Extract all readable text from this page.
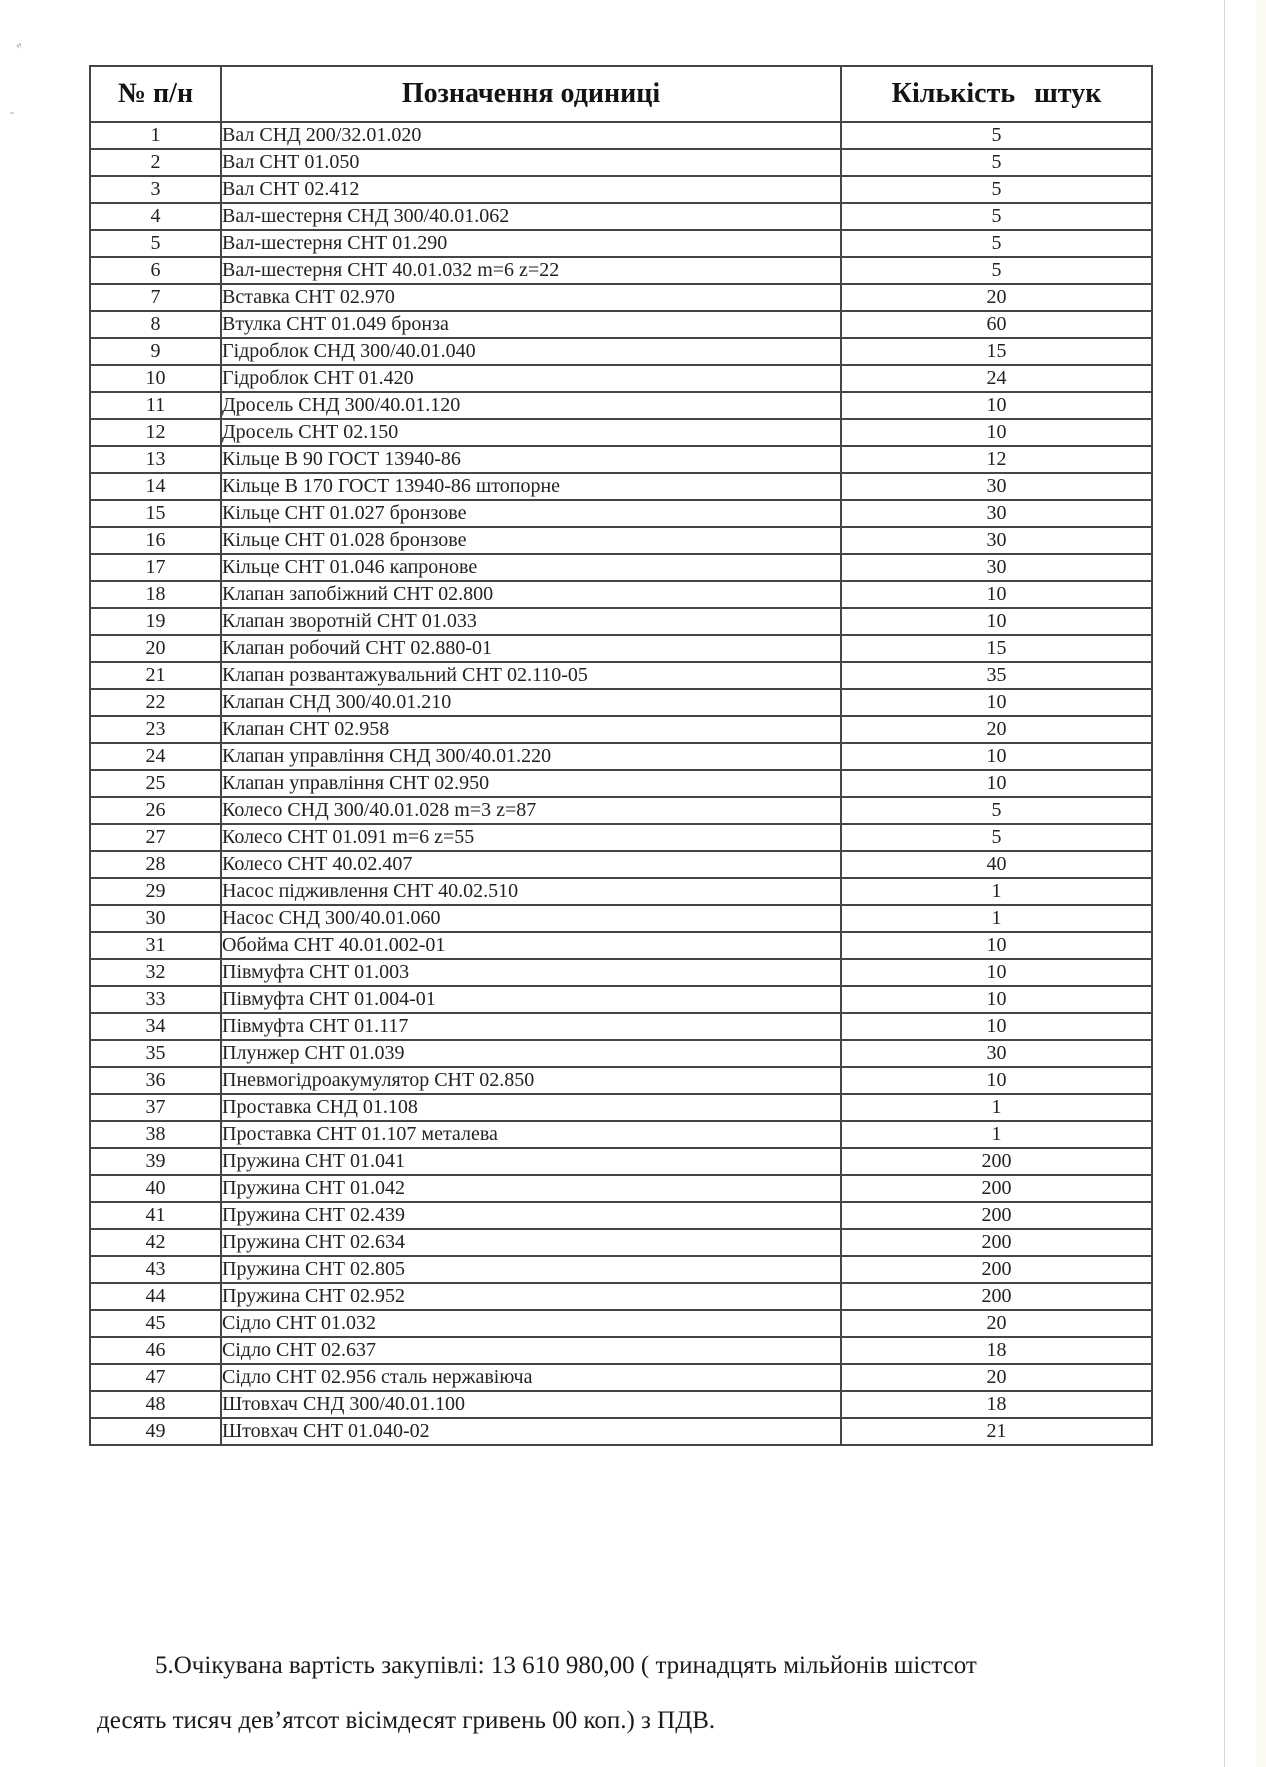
„
-
№ п/н	Позначення одиниці	Кількість штук
1	Вал СНД 200/32.01.020	5
2	Вал СНТ 01.050	5
3	Вал СНТ 02.412	5
4	Вал-шестерня СНД 300/40.01.062	5
5	Вал-шестерня СНТ 01.290	5
6	Вал-шестерня СНТ 40.01.032 m=6 z=22	5
7	Вставка СНТ 02.970	20
8	Втулка СНТ 01.049 бронза	60
9	Гідроблок СНД 300/40.01.040	15
10	Гідроблок СНТ 01.420	24
11	Дросель СНД 300/40.01.120	10
12	Дросель СНТ 02.150	10
13	Кільце В 90 ГОСТ 13940-86	12
14	Кільце В 170 ГОСТ 13940-86 штопорне	30
15	Кільце СНТ 01.027 бронзове	30
16	Кільце СНТ 01.028 бронзове	30
17	Кільце СНТ 01.046 капронове	30
18	Клапан запобіжний СНТ 02.800	10
19	Клапан зворотній СНТ 01.033	10
20	Клапан робочий СНТ 02.880-01	15
21	Клапан розвантажувальний СНТ 02.110-05	35
22	Клапан СНД 300/40.01.210	10
23	Клапан СНТ 02.958	20
24	Клапан управління СНД 300/40.01.220	10
25	Клапан управління СНТ 02.950	10
26	Колесо СНД 300/40.01.028 m=3 z=87	5
27	Колесо СНТ 01.091 m=6 z=55	5
28	Колесо СНТ 40.02.407	40
29	Насос підживлення СНТ 40.02.510	1
30	Насос СНД 300/40.01.060	1
31	Обойма СНТ 40.01.002-01	10
32	Півмуфта СНТ 01.003	10
33	Півмуфта СНТ 01.004-01	10
34	Півмуфта СНТ 01.117	10
35	Плунжер СНТ 01.039	30
36	Пневмогідроакумулятор СНТ 02.850	10
37	Проставка СНД 01.108	1
38	Проставка СНТ 01.107 металева	1
39	Пружина СНТ 01.041	200
40	Пружина СНТ 01.042	200
41	Пружина СНТ 02.439	200
42	Пружина СНТ 02.634	200
43	Пружина СНТ 02.805	200
44	Пружина СНТ 02.952	200
45	Сідло СНТ 01.032	20
46	Сідло СНТ 02.637	18
47	Сідло СНТ 02.956 сталь нержавіюча	20
48	Штовхач СНД 300/40.01.100	18
49	Штовхач СНТ 01.040-02	21
5.Очікувана вартість закупівлі: 13 610 980,00 ( тринадцять мільйонів шістсот
десять тисяч дев’ятсот вісімдесят гривень 00 коп.) з ПДВ.
